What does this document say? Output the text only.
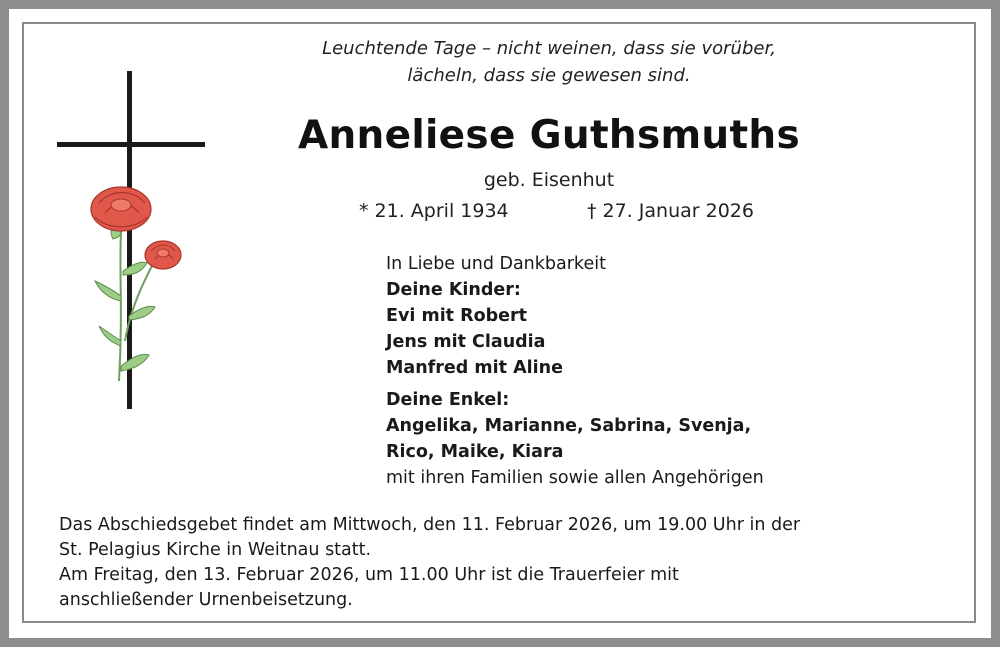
Leuchtende Tage – nicht weinen, dass sie vorüber,
lächeln, dass sie gewesen sind.
Anneliese Guthsmuths
geb. Eisenhut
* 21. April 1934	† 27. Januar 2026
In Liebe und Dankbarkeit
Deine Kinder:
Evi mit Robert
Jens mit Claudia
Manfred mit Aline
Deine Enkel:
Angelika, Marianne, Sabrina, Svenja,
Rico, Maike, Kiara
mit ihren Familien sowie allen Angehörigen
Das Abschiedsgebet findet am Mittwoch, den 11. Februar 2026, um 19.00 Uhr in der
St. Pelagius Kirche in Weitnau statt.
Am Freitag, den 13. Februar 2026, um 11.00 Uhr ist die Trauerfeier mit
anschließender Urnenbeisetzung.
